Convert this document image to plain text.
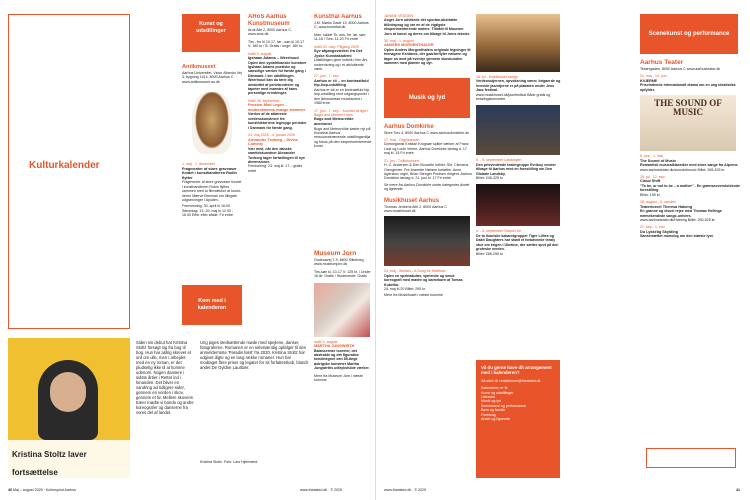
Kulturkalender
Kunst og udstillinger
Antikmuseet
Aarhus Universitet, Victor Albecks Vej 3, bygning 1414, 8000 Aarhus C
www.antikmuseet.au.dk
1. maj - 1. december
Fragmenter af store gravvaser fundet i kunsthandleren Rodin flytter
Fragmenter af store gravvaser fundet i kunsthandleren Robin flyttes sammen med to filmvækker af kunst-neren Mærve Brennan om tillegale udgravninger i Apulien.
Fremvisning: 30. april kl 16:00 Sammtag: 13.-20. maj kl 12.00 - 16.00 Efter efter aftale. Fri entré
Kom med i kalenderen
ARoS Aarhus Kunstmuseum
Aros Allé 2, 8000 Aarhus C, www.aros.dk
Tirs - fre kl 10-17, lør - søn kl 10-17 V: 180 kr / B: Gratis / unge: 160 kr.
Indtil 5. august
Igshaan Adams – Weerhoud
Oplev den sydafrikanske kunstner Igshaan Adams poetiske og sanselige værker for første gang i Danmark. I sin udstillingen Weerhoud kan du tæle dig omsluttet af perlebroderier og tapeter med mønstre af hans personlige erindringer.
Indtil 26. september
Prussia. Mod Legen – modernismens mange stemmer
Værker af de atlæreste verdenskunstnere fra kunsthistoriens legesyge perioder i Danmark for første gang.
24. maj 2025 - 4. januar 2026
Alexander Tovborg – Divine Comedy
Vær med, når den danske samtidskunstner Alexander Tovborg tager fortællingen til nye dimensioner.
Fernisering: 23. maj kl. 17 – gratis entré
Kunsthal Aarhus
J.M. Mørks Gade 13, 8000 Aarhus C, www.kunsthal.dk
Man: lukket Tir, ons, fre, lør, søn: 11-16 / Tors: 11-20 Fri entré
Indtil 20. maj / Pågang 2025
Syv afgangsværker fra Det Jyske Kunstakademi
Udstillingen giver indblik i fem års undervisning og i et afsluttende værk.
27. juni - 7. sep
Aarhus er ## – en kontrastfuld hip-hop-udstilling
Aarhus er ## er en kontrastfuld hip-hop-udstilling med udgangspunkt i den århusianske musikscene i 1980'erne.
17. juni - 7. sep – Kunster af liget i Bagni and Meneer Hans
Bugs and Meteorvilde anemoner
Bugs and Meteorvilde kaster nyt på Kunsthal Aarhus' ressourcekrævende udstillingsmiljø og fokus på den eksperimenterende kunst.
Museum Jorn
Gudenavej 7-9, 8600 Silkeborg, www.museumjorn.dk
Tirs-søn kl. 10-17 V: 125 kr. / Under 18 år: Gratis / Studerende: Gratis
Indtil 3. august
MARTHA JUNGWIRTH
Balancerede tonerier, det abstrakte og det figurative kendetegner den 85-årige østrigske kunstner Martha Jungwirths udtryksfulde værker.
Mere fra Museum Jorn i næste kolonne
Kristina Stoltz laver fortsættelse
Siden sin debut har Kristina Stoltz forsøgt sig fra bog til bog. Hun har aldrig skrevet et ord om ulle, men i arbejdet med en ny roman, er det pludselig ikke til at komme udenom. Nogen dansere i sidste årtier i Rettet ind i hinanden. Det bliver en vandring ad tidligere sider, gennem en verden i skov, gennem et liv. Mellem skovens træer mødte vi bonde og andre koreografer og danserne fra vores del af landet.
Ung piges stedsættende møde med spejlene, danser, fotograferne. Romanen er en selvstændig opfølger til den anmelderroste 'Paradis først' fra 2020. Kristina Stoltz har udgivet digte og en lang række romaner. Hun har modtaget flere priser og legater for sit forfatterskab, blandt andet De Gyldne Laurbær.
Kristina Stoltz. Foto: Lars Hjelmsted.
40 Maj – august 2025 · Kulturspind Aarhus	www.theasted.dk · © 2025
JUNINE VEDDEN
Asger Jorn udvikede det sportan-abstrakte billedsprog og var en af de vigtigste eksperimenterende malere. Tiltrådt til Museum Jorn at kunst og deres om tilbage til Jorns tekster.
30. maj - 1. august
ANDERS MORGENTHALER
Oplev Anders Morgenthalers originale tegninger til teenagere Kentaros, der gaarforflyter naturen og tager os med på eventyr gennem skovbunden sammen med planter og dyr.
Musik og lyd
Aarhus Domkirke
Store Torv 4, 8000 Aarhus C www.aarhusdomkirke.dk
17. maj - Orgelkoncert
Domorganist Kristian Krogsøe spiller værker af Franz Liszt og Louis Vierne. Aarhus Domkirke lørdag d. 17. maj kl. 15 Fri entré
21. jun - Tvillinkoncert
H. C. Andersen & Den Bouvelle luthier: Skt. Clemens Orengemer. Fra Jeanette Nielsen fortæller, Anne Agerskov orgel, Brian Stenger Poulsen dirigent. Aarhus Domkirke lørdag d. 21. juni kl. 17 Fri entré
Se mere fra Aarhus Domkirke under kategorien Andet og lignende
Musikhuset Aarhus
Thomas Jensens Allé 2, 8000 Aarhus C www.musikhuset.dk
24. maj - Wolfars - A Song for Matthew
Oplev en spektakulær, sjælende og smuk koreografi med mødre og barnebørn af Tomas Kubelka.
24. maj kl 20 Billet: 295 kr
Mere fra Musikhuset i næste kolonne
16. jul - Musikhuset sange
Verdensstjernen, opvoksning vaner, brigaerde og levende jazzstjerne er på plakaten under Jens Jazz festival.
www.musikhuset.dk/jazzfestival Både gratis og betalingskoncerter
5. - 9. september Landskyen
Den prisvindende teatergruppe Evrikoy vender tilbage til Aarhus med en forestilling om Den Globale Landsby.
Billet: 245-325 kr
4. - 5. september Stapdi Life
De to ikoniske kabaretgrupper Tiger Lillies og Dakh Daughters har stødt et forbavnede trealy stue om krigen i Ukraine, der sætter spot på den groteske verden.
Billet: 265-295 kr
Vil du gerne have dit arrangement med i kalenderen?
Så skriv til: redaktionen@theasted.dk
Kalenderen er til:
Kunst og udstillinger
Litteratur
Musik og lyd
Scenekunst og performance
Børn og familie
Foredrag
Andet og lignende
Scenekunst og performance
Aarhus Teater
Teatergaden, 8000 Aarhus C www.aarhusteater.dk
21. maj - 14. juni
KVÆRNE
Prisvindende internationalt drama om en ung idealistisk opfylder.
THE SOUND OF MUSIC
5. sep - 1. maj
The Sound of Music
Romantisk musicalklassiker med store sange fra Alperne.
www.aarhusteater.dk/soundofmusic Billet: 265-425 kr.
15. jul - 12. sep
Cloud Shift
"To be, or not to be – a mother" - En grænseoverskridende forestilling.
Billet: 195 kr.
28. august - 5. oktober
Teatertorvet Theresa Hakeng
En grønne og visuel rejse med Thomas Hellings næmekendede sange-univers.
www.aarhusteater.dk/Hakeng Billet: 250-525 kr.
21. sep - 1. nov
Du Lykkelig Skylding
Sansemættet monolog om den største lyst.
www.theasted.dk · © 2025	41
